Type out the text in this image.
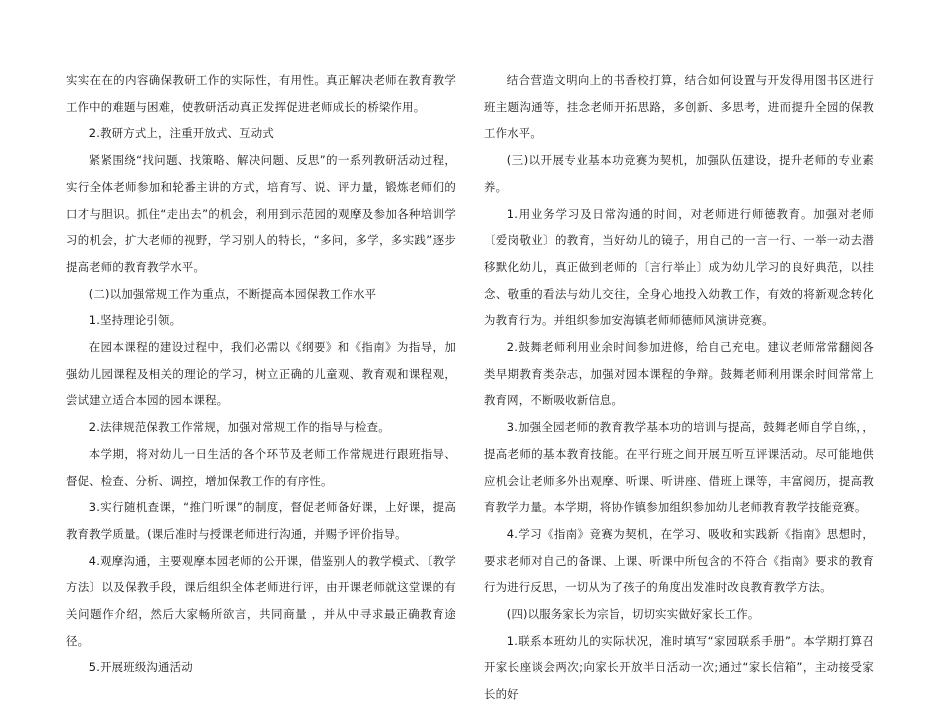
实实在在的内容确保教研工作的实际性，有用性。真正解决老师在教育教学工作中的难题与困难，使教研活动真正发挥促进老师成长的桥梁作用。

2.教研方式上，注重开放式、互动式

紧紧围绕“找问题、找策略、解决问题、反思”的一系列教研活动过程，实行全体老师参加和轮番主讲的方式，培育写、说、评力量，锻炼老师们的口才与胆识。抓住“走出去”的机会，利用到示范园的观摩及参加各种培训学习的机会，扩大老师的视野，学习别人的特长，“多问，多学，多实践”逐步提高老师的教育教学水平。

(二)以加强常规工作为重点，不断提高本园保教工作水平

1.坚持理论引领。

在园本课程的建设过程中，我们必需以《纲要》和《指南》为指导，加强幼儿园课程及相关的理论的学习，树立正确的儿童观、教育观和课程观，尝试建立适合本园的园本课程。

2.法律规范保教工作常规，加强对常规工作的指导与检查。

本学期，将对幼儿一日生活的各个环节及老师工作常规进行跟班指导、督促、检查、分析、调控，增加保教工作的有序性。

3.实行随机查课，“推门听课”的制度，督促老师备好课，上好课，提高教育教学质量。(课后准时与授课老师进行沟通，并赐予评价指导。

4.观摩沟通，主要观摩本园老师的公开课，借鉴别人的教学模式、〔教学方法〕以及保教手段，课后组织全体老师进行评，由开课老师就这堂课的有关问题作介绍，然后大家畅所欲言，共同商量 ，并从中寻求最正确教育途径。

5.开展班级沟通活动

结合营造文明向上的书香校打算，结合如何设置与开发得用图书区进行班主题沟通等，挂念老师开拓思路，多创新、多思考，进而提升全园的保教工作水平。

(三)以开展专业基本功竞赛为契机，加强队伍建设，提升老师的专业素养。

1.用业务学习及日常沟通的时间，对老师进行师德教育。加强对老师〔爱岗敬业〕的教育，当好幼儿的镜子，用自己的一言一行、一举一动去潜移默化幼儿，真正做到老师的〔言行举止〕成为幼儿学习的良好典范，以挂念、敬重的看法与幼儿交往，全身心地投入幼教工作，有效的将新观念转化为教育行为。并组织参加安海镇老师师德师风演讲竞赛。

2.鼓舞老师利用业余时间参加进修，给自己充电。建议老师常常翻阅各类早期教育类杂志，加强对园本课程的争辩。鼓舞老师利用课余时间常常上教育网，不断吸收新信息。

3.加强全园老师的教育教学基本功的培训与提高，鼓舞老师自学自练，，提高老师的基本教育技能。在平行班之间开展互听互评课活动。尽可能地供应机会让老师多外出观摩、听课、听讲座、借班上课等，丰富阅历，提高教育教学力量。本学期，将协作镇参加组织参加幼儿老师教育教学技能竞赛。

4.学习《指南》竞赛为契机，在学习、吸收和实践新《指南》思想时，要求老师对自己的备课、上课、听课中所包含的不符合《指南》要求的教育行为进行反思，一切从为了孩子的角度出发准时改良教育教学方法。

(四)以服务家长为宗旨，切切实实做好家长工作。

1.联系本班幼儿的实际状况，准时填写“家园联系手册”。本学期打算召开家长座谈会两次;向家长开放半日活动一次;通过“家长信箱”，主动接受家长的好
